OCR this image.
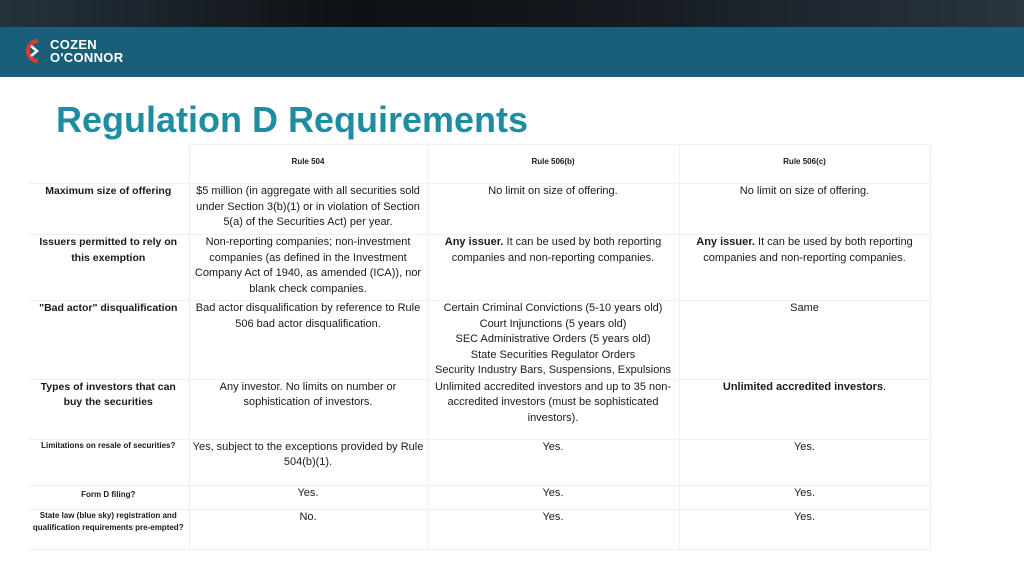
COZEN
O'CONNOR
Regulation D Requirements
	Rule 504	Rule 506(b)	Rule 506(c)
Maximum size of offering	$5 million (in aggregate with all securities sold under Section 3(b)(1) or in violation of Section 5(a) of the Securities Act) per year.	No limit on size of offering.	No limit on size of offering.
Issuers permitted to rely on this exemption	Non-reporting companies; non-investment companies (as defined in the Investment Company Act of 1940, as amended (ICA)), nor blank check companies.	Any issuer. It can be used by both reporting companies and non-reporting companies.	Any issuer. It can be used by both reporting companies and non-reporting companies.
"Bad actor" disqualification	Bad actor disqualification by reference to Rule 506 bad actor disqualification.	Certain Criminal Convictions (5-10 years old)
Court Injunctions (5 years old)
SEC Administrative Orders (5 years old)
State Securities Regulator Orders
Security Industry Bars, Suspensions, Expulsions	Same
Types of investors that can buy the securities	Any investor. No limits on number or sophistication of investors.	Unlimited accredited investors and up to 35 non-accredited investors (must be sophisticated investors).	Unlimited accredited investors.
Limitations on resale of securities?	Yes, subject to the exceptions provided by Rule 504(b)(1).	Yes.	Yes.
Form D filing?	Yes.	Yes.	Yes.
State law (blue sky) registration and qualification requirements pre-empted?	No.	Yes.	Yes.
